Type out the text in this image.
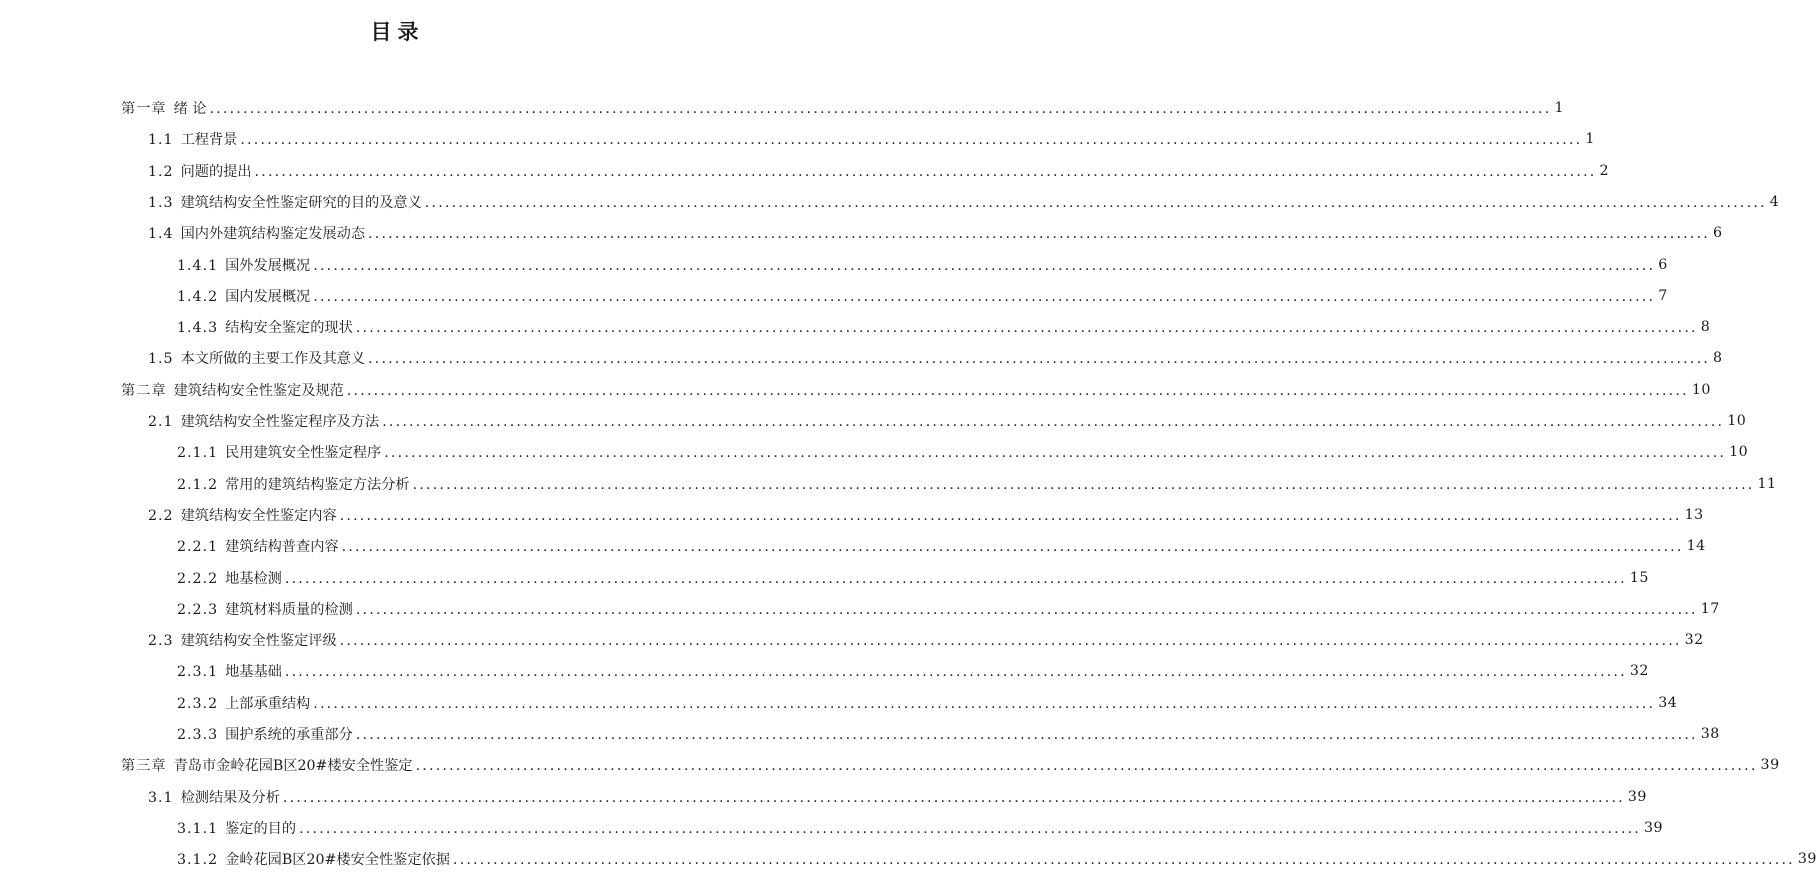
目录
第一章 绪 论 ........................................................................................................................................................................................................ 1
1.1 工程背景 ........................................................................................................................................................................................................ 1
1.2 问题的提出 ........................................................................................................................................................................................................ 2
1.3 建筑结构安全性鉴定研究的目的及意义 ........................................................................................................................................................................................................ 4
1.4 国内外建筑结构鉴定发展动态 ........................................................................................................................................................................................................ 6
1.4.1 国外发展概况 ........................................................................................................................................................................................................ 6
1.4.2 国内发展概况 ........................................................................................................................................................................................................ 7
1.4.3 结构安全鉴定的现状 ........................................................................................................................................................................................................ 8
1.5 本文所做的主要工作及其意义 ........................................................................................................................................................................................................ 8
第二章 建筑结构安全性鉴定及规范 ........................................................................................................................................................................................................ 10
2.1 建筑结构安全性鉴定程序及方法 ........................................................................................................................................................................................................ 10
2.1.1 民用建筑安全性鉴定程序 ........................................................................................................................................................................................................ 10
2.1.2 常用的建筑结构鉴定方法分析 ........................................................................................................................................................................................................ 11
2.2 建筑结构安全性鉴定内容 ........................................................................................................................................................................................................ 13
2.2.1 建筑结构普查内容 ........................................................................................................................................................................................................ 14
2.2.2 地基检测 ........................................................................................................................................................................................................ 15
2.2.3 建筑材料质量的检测 ........................................................................................................................................................................................................ 17
2.3 建筑结构安全性鉴定评级 ........................................................................................................................................................................................................ 32
2.3.1 地基基础 ........................................................................................................................................................................................................ 32
2.3.2 上部承重结构 ........................................................................................................................................................................................................ 34
2.3.3 围护系统的承重部分 ........................................................................................................................................................................................................ 38
第三章 青岛市金岭花园B区20#楼安全性鉴定 ........................................................................................................................................................................................................ 39
3.1 检测结果及分析 ........................................................................................................................................................................................................ 39
3.1.1 鉴定的目的 ........................................................................................................................................................................................................ 39
3.1.2 金岭花园B区20#楼安全性鉴定依据 ........................................................................................................................................................................................................ 39
